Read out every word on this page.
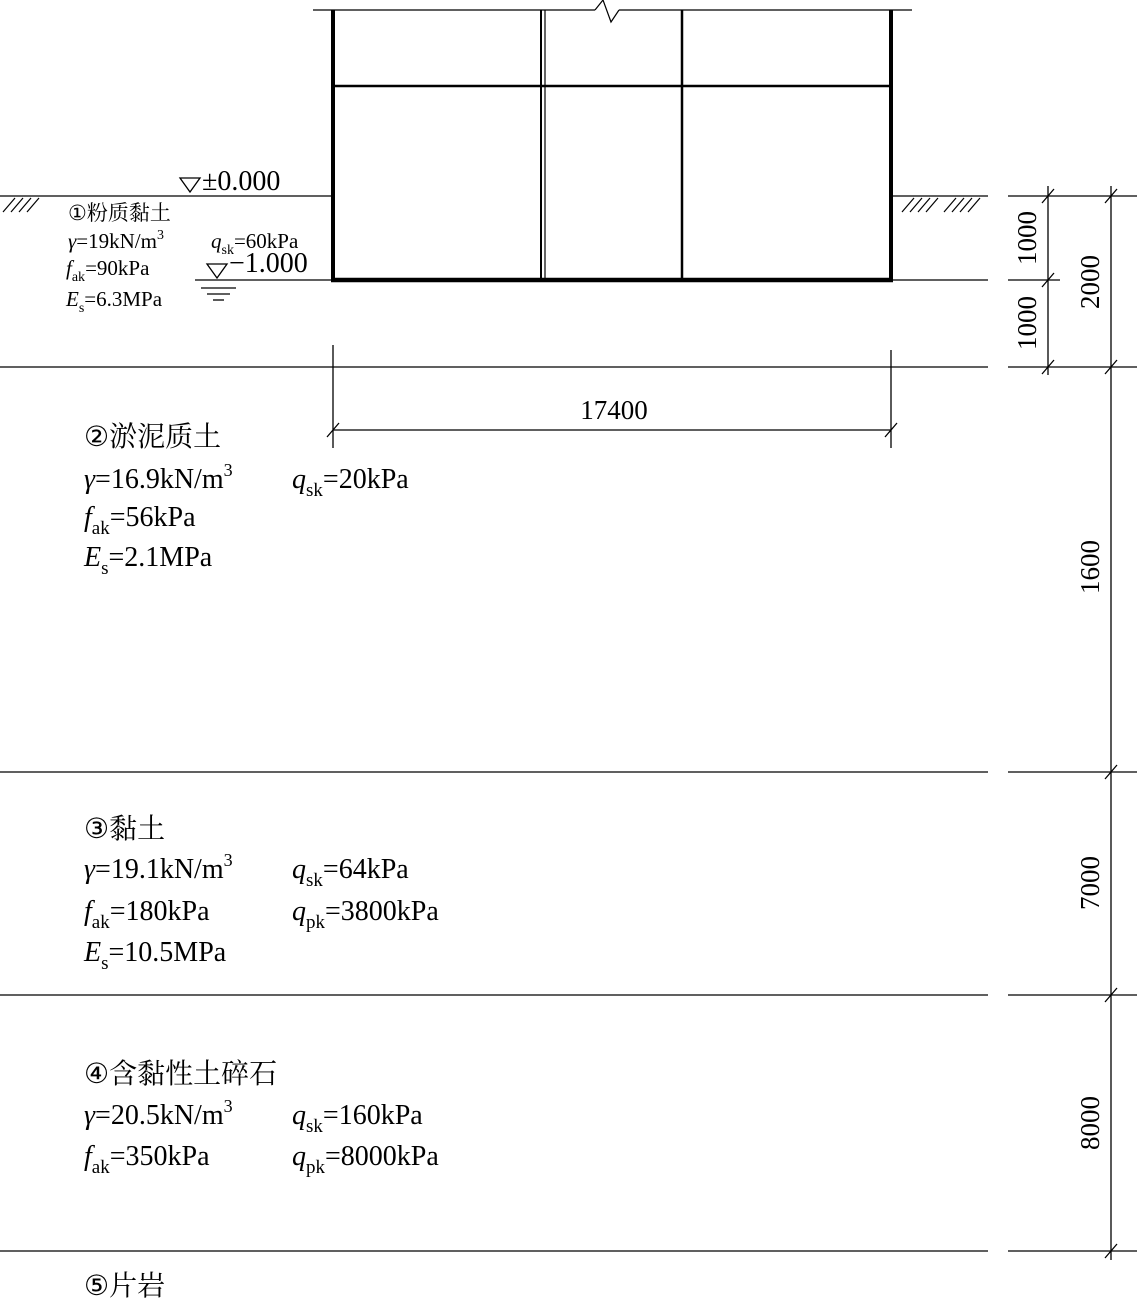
±0.000
−1.000
17400
1000
1000
2000
1600
7000
8000
①粉质黏土
$\gamma=19kN/m^3$ $q_{sk}=60kPa$
$f_{ak}=90kPa$
$E_s=6.3MPa$
②淤泥质土
$\gamma=16.9kN/m^3$ $q_{sk}=20kPa$
$f_{ak}=56kPa$
$E_s=2.1MPa$
③黏土
$\gamma=19.1kN/m^3$ $q_{sk}=64kPa$
$f_{ak}=180kPa$	$q_{pk}=3800kPa$
$E_s=10.5MPa$
④含黏性土碎石
$\gamma=20.5kN/m^3$ $q_{sk}=160kPa$
$f_{ak}=350kPa$	$q_{pk}=8000kPa$
⑤片岩
